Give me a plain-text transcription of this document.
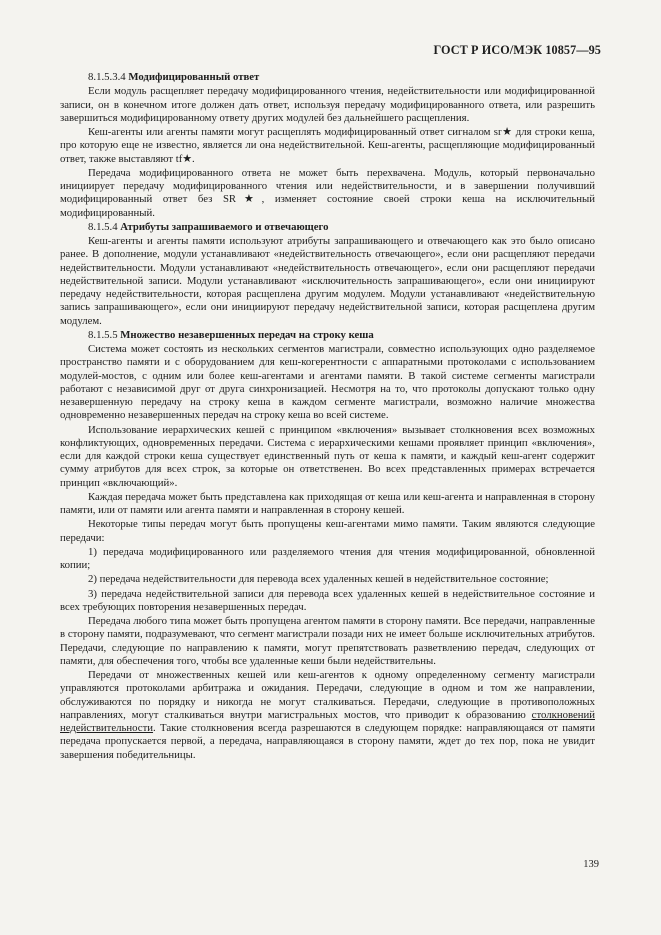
ГОСТ Р ИСО/МЭК 10857—95

8.1.5.3.4 Модифицированный ответ

Если модуль расщепляет передачу модифицированного чтения, недействительности или модифицированной записи, он в конечном итоге должен дать ответ, используя передачу модифицированного ответа, или разрешить завершиться модифицированному ответу других модулей без дальнейшего расщепления.

Кеш-агенты или агенты памяти могут расщеплять модифицированный ответ сигналом sr★ для строки кеша, про которую еще не известно, является ли она недействительной. Кеш-агенты, расщепляющие модифицированный ответ, также выставляют tf★.

Передача модифицированного ответа не может быть перехвачена. Модуль, который первоначально инициирует передачу модифицированного чтения или недействительности, и в завершении получивший модифицированный ответ без SR★, изменяет состояние своей строки кеша на исключительный модифицированный.

8.1.5.4 Атрибуты запрашиваемого и отвечающего

Кеш-агенты и агенты памяти используют атрибуты запрашивающего и отвечающего как это было описано ранее. В дополнение, модули устанавливают «недействительность отвечающего», если они расщепляют передачи недействительности. Модули устанавливают «недействительность отвечающего», если они расщепляют передачи недействительной записи. Модули устанавливают «исключительность запрашивающего», если они инициируют передачу недействительности, которая расщеплена другим модулем. Модули устанавливают «недействительную запись запрашивающего», если они инициируют передачу недействительной записи, которая расщеплена другим модулем.

8.1.5.5 Множество незавершенных передач на строку кеша

Система может состоять из нескольких сегментов магистрали, совместно использующих одно разделяемое пространство памяти и с оборудованием для кеш-когерентности с аппаратными протоколами с использованием модулей-мостов, с одним или более кеш-агентами и агентами памяти. В такой системе сегменты магистрали работают с независимой друг от друга синхронизацией. Несмотря на то, что протоколы допускают только одну незавершенную передачу на строку кеша в каждом сегменте магистрали, возможно наличие множества одновременно незавершенных передач на строку кеша во всей системе.

Использование иерархических кешей с принципом «включения» вызывает столкновения всех возможных конфликтующих, одновременных передачи. Система с иерархическими кешами проявляет принцип «включения», если для каждой строки кеша существует единственный путь от кеша к памяти, и каждый кеш-агент содержит сумму атрибутов для всех строк, за которые он ответственен. Во всех представленных примерах встречается принцип «включающий».

Каждая передача может быть представлена как приходящая от кеша или кеш-агента и направленная в сторону памяти, или от памяти или агента памяти и направленная в сторону кешей.

Некоторые типы передач могут быть пропущены кеш-агентами мимо памяти. Таким являются следующие передачи:

1) передача модифицированного или разделяемого чтения для чтения модифицированной, обновленной копии;

2) передача недействительности для перевода всех удаленных кешей в недействительное состояние;

3) передача недействительной записи для перевода всех удаленных кешей в недействительное состояние и всех требующих повторения незавершенных передач.

Передача любого типа может быть пропущена агентом памяти в сторону памяти. Все передачи, направленные в сторону памяти, подразумевают, что сегмент магистрали позади них не имеет больше исключительных атрибутов. Передачи, следующие по направлению к памяти, могут препятствовать разветвлению передач, следующих от памяти, для обеспечения того, чтобы все удаленные кеши были недействительны.

Передачи от множественных кешей или кеш-агентов к одному определенному сегменту магистрали управляются протоколами арбитража и ожидания. Передачи, следующие в одном и том же направлении, обслуживаются по порядку и никогда не могут сталкиваться. Передачи, следующие в противоположных направлениях, могут сталкиваться внутри магистральных мостов, что приводит к образованию столкновений недействительности. Такие столкновения всегда разрешаются в следующем порядке: направляющаяся от памяти передача пропускается первой, а передача, направляющаяся в сторону памяти, ждет до тех пор, пока не увидит завершения победительницы.

139
